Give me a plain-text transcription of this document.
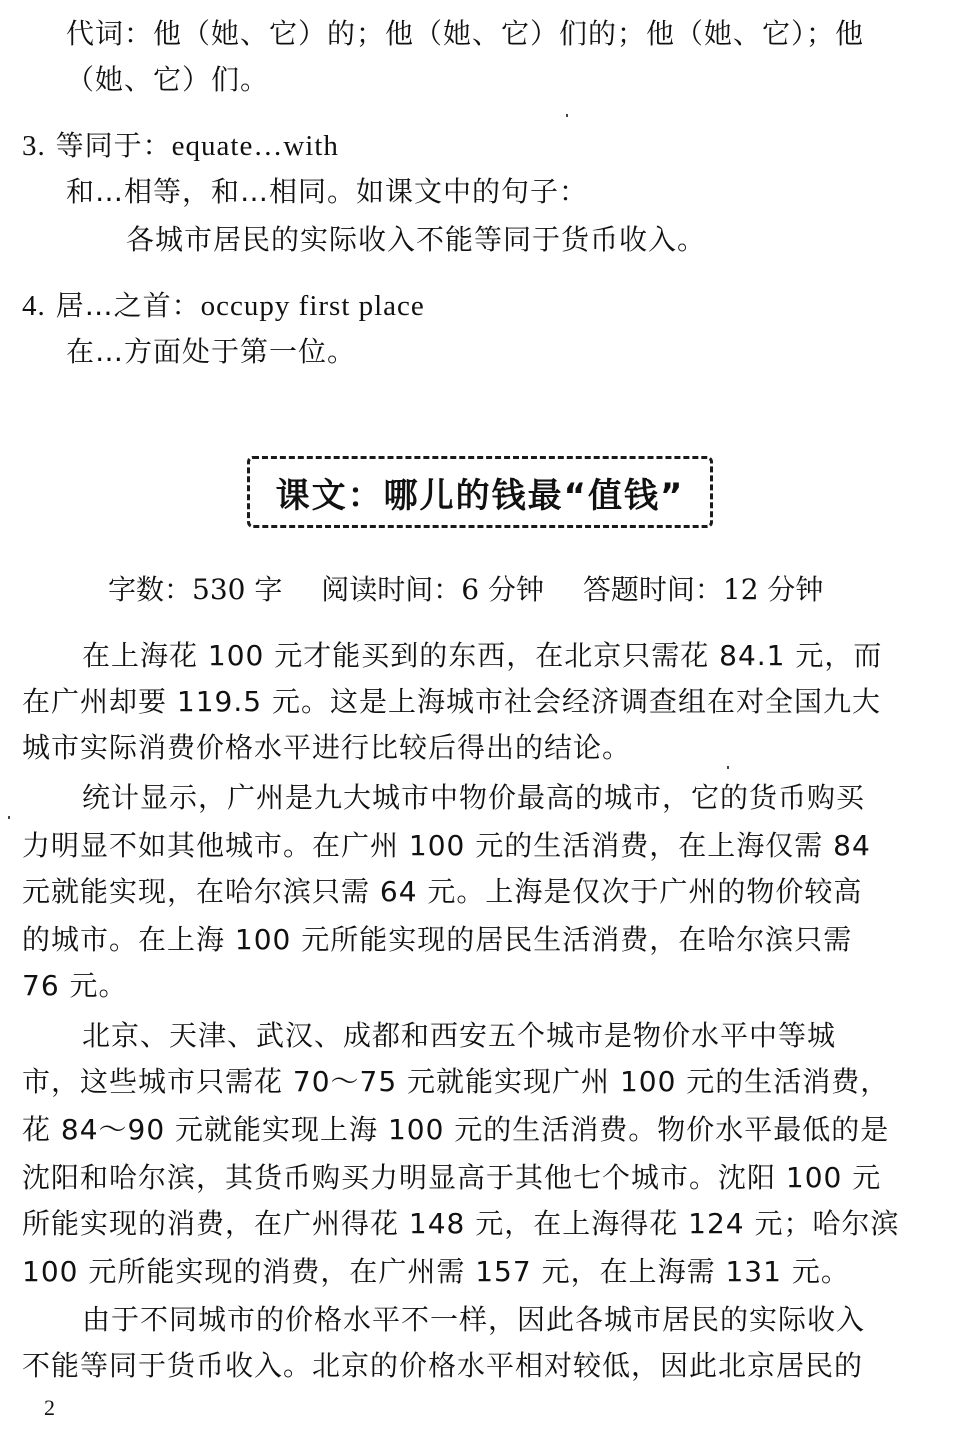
代词：他（她、它）的；他（她、它）们的；他（她、它）；他
（她、它）们。
3. 等同于：equate…with
和…相等，和…相同。如课文中的句子：
各城市居民的实际收入不能等同于货币收入。
4. 居…之首：occupy first place
在…方面处于第一位。
课文：哪儿的钱最“值钱”
字数：530 字 阅读时间：6 分钟 答题时间：12 分钟
在上海花 100 元才能买到的东西，在北京只需花 84.1 元，而
在广州却要 119.5 元。这是上海城市社会经济调查组在对全国九大
城市实际消费价格水平进行比较后得出的结论。
统计显示，广州是九大城市中物价最高的城市，它的货币购买
力明显不如其他城市。在广州 100 元的生活消费，在上海仅需 84
元就能实现，在哈尔滨只需 64 元。上海是仅次于广州的物价较高
的城市。在上海 100 元所能实现的居民生活消费，在哈尔滨只需
76 元。
北京、天津、武汉、成都和西安五个城市是物价水平中等城
市，这些城市只需花 70～75 元就能实现广州 100 元的生活消费，
花 84～90 元就能实现上海 100 元的生活消费。物价水平最低的是
沈阳和哈尔滨，其货币购买力明显高于其他七个城市。沈阳 100 元
所能实现的消费，在广州得花 148 元，在上海得花 124 元；哈尔滨
100 元所能实现的消费，在广州需 157 元，在上海需 131 元。
由于不同城市的价格水平不一样，因此各城市居民的实际收入
不能等同于货币收入。北京的价格水平相对较低，因此北京居民的
2
